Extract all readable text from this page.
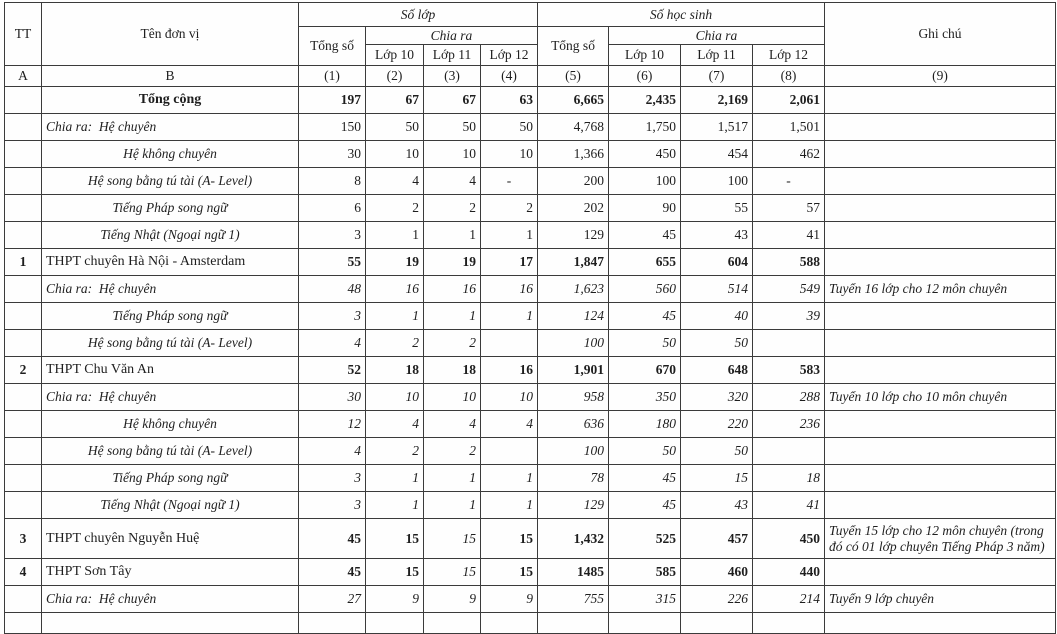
TT	Tên đơn vị	Số lớp				Số học sinh				Ghi chú
		Tổng số	Chia ra			Tổng số	Chia ra			
			Lớp 10	Lớp 11	Lớp 12		Lớp 10	Lớp 11	Lớp 12	
A	B	(1)	(2)	(3)	(4)	(5)	(6)	(7)	(8)	(9)
	Tổng cộng	197	67	67	63	6,665	2,435	2,169	2,061	
	Chia ra:  Hệ chuyên	150	50	50	50	4,768	1,750	1,517	1,501	
	Hệ không chuyên	30	10	10	10	1,366	450	454	462	
	Hệ song bằng tú tài (A- Level)	8	4	4	-	200	100	100	-	
	Tiếng Pháp song ngữ	6	2	2	2	202	90	55	57	
	Tiếng Nhật (Ngoại ngữ 1)	3	1	1	1	129	45	43	41	
1	THPT chuyên Hà Nội - Amsterdam	55	19	19	17	1,847	655	604	588	
	Chia ra:  Hệ chuyên	48	16	16	16	1,623	560	514	549	Tuyển 16 lớp cho 12 môn chuyên
	Tiếng Pháp song ngữ	3	1	1	1	124	45	40	39	
	Hệ song bằng tú tài (A- Level)	4	2	2		100	50	50		
2	THPT Chu Văn An	52	18	18	16	1,901	670	648	583	
	Chia ra:  Hệ chuyên	30	10	10	10	958	350	320	288	Tuyển 10 lớp cho 10 môn chuyên
	Hệ không chuyên	12	4	4	4	636	180	220	236	
	Hệ song bằng tú tài (A- Level)	4	2	2		100	50	50		
	Tiếng Pháp song ngữ	3	1	1	1	78	45	15	18	
	Tiếng Nhật (Ngoại ngữ 1)	3	1	1	1	129	45	43	41	
3	THPT chuyên Nguyễn Huệ	45	15	15	15	1,432	525	457	450	Tuyển 15 lớp cho 12 môn chuyên (trong đó có 01 lớp chuyên Tiếng Pháp 3 năm)
4	THPT Sơn Tây	45	15	15	15	1485	585	460	440	
	Chia ra:  Hệ chuyên	27	9	9	9	755	315	226	214	Tuyển 9 lớp chuyên
